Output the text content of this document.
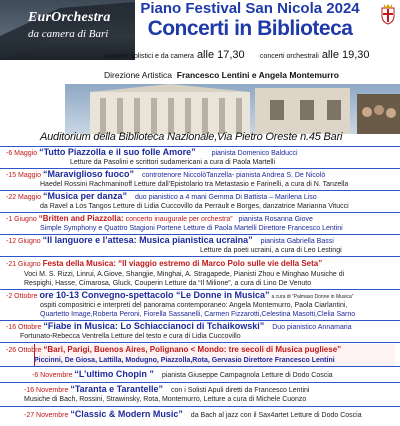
EurOrchestra
da camera di Bari
Piano Festival San Nicola 2024
Concerti in Biblioteca
concerti solistici e da camera alle 17,30 concerti orchestrali alle 19,30
Direzione Artistica Francesco Lentini e Angela Montemurro
Auditorium della Biblioteca Nazionale,Via Pietro Oreste n.45 Bari
-6 Maggio “Tutto Piazzolla e il suo folle Amore” pianista Domenico Balducci
Letture da Pasolini e scrittori sudamericani a cura di Paola Martelli
-15 Maggio “Maraviglioso fuoco” controtenore NiccolòTanzella- pianista Andrea S. De Nicolò
Haedel Rossini Rachmaninoff Letture dall’Epistolario tra Metastasio e Farinelli, a cura di N. Tanzella
-22 Maggio “Musica per danza” duo pianistico a 4 mani Gemma Di Battista – Marilena Liso
da Ravel a Los Tangos Letture di Lidia Cuccovillo da Perrault e Borges, danzatrice Marianna Vitucci
-1 Giugno “Britten and Piazzolla: concerto inaugurale per orchestra” pianista Rosanna Giove
Simple Symphony e Quattro Stagioni Portene Letture di Paola Martelli Direttore Francesco Lentini
-12 Giugno “Il languore e l’attesa: Musica pianistica ucraina” pianista Gabriella Bassi
Letture da poeti ucraini, a cura di Leo Lestingi
-21 Giugno Festa della Musica: “Il viaggio estremo di Marco Polo sulle vie della Seta”
Voci M. S. Rizzi, Linrui, A.Giove, Shangjie, Minghai, A. Stragapede, Pianisti Zhou e Minghao Musiche di
Respighi, Hasse, Cimarosa, Gluck, Couperin Letture da “Il Milione”, a cura di Lino De Venuto
-2 Ottobre ore 10-13 Convegno-spettacolo “Le Donne in Musica” a cura di “Palmaso Donne in Musica”
ospiti compositrici e interpreti del panorama contemporaneo: Angela Montemurro, Paola Ciarlantini,
Quartetto Image,Roberta Peroni, Fiorella Sassanelli, Carmen Fizzarotti,Celestina Masotti,Clelia Sarno
-16 Ottobre “Fiabe in Musica: Lo Schiaccianoci di Tchaikowski” Duo pianistico Annamaria
Fortunato-Rebecca Ventrella Letture del testo e cura di Lidia Cuccovillo
-26 Ottobre “Bari, Parigi, Buenos Aires, Polignano < Mondo: tre secoli di Musica pugliese”
Piccinni, De Giosa, Lattilla, Modugno, Piazzolla,Rota, Gervasio Direttore Francesco Lentini
-6 Novembre “L’ultimo Chopin ” pianista Giuseppe Campagnola Letture di Dodo Coscia
-16 Novembre “Taranta e Tarantelle” con i Solisti Apuli diretti da Francesco Lentini
Musiche di Bach, Rossini, Strawinsky, Rota, Montemurro, Letture a cura di Michele Cuonzo
-27 Novembre “Classic & Modern Music” da Bach al jazz con il Sax4artet Letture di Dodo Coscia
